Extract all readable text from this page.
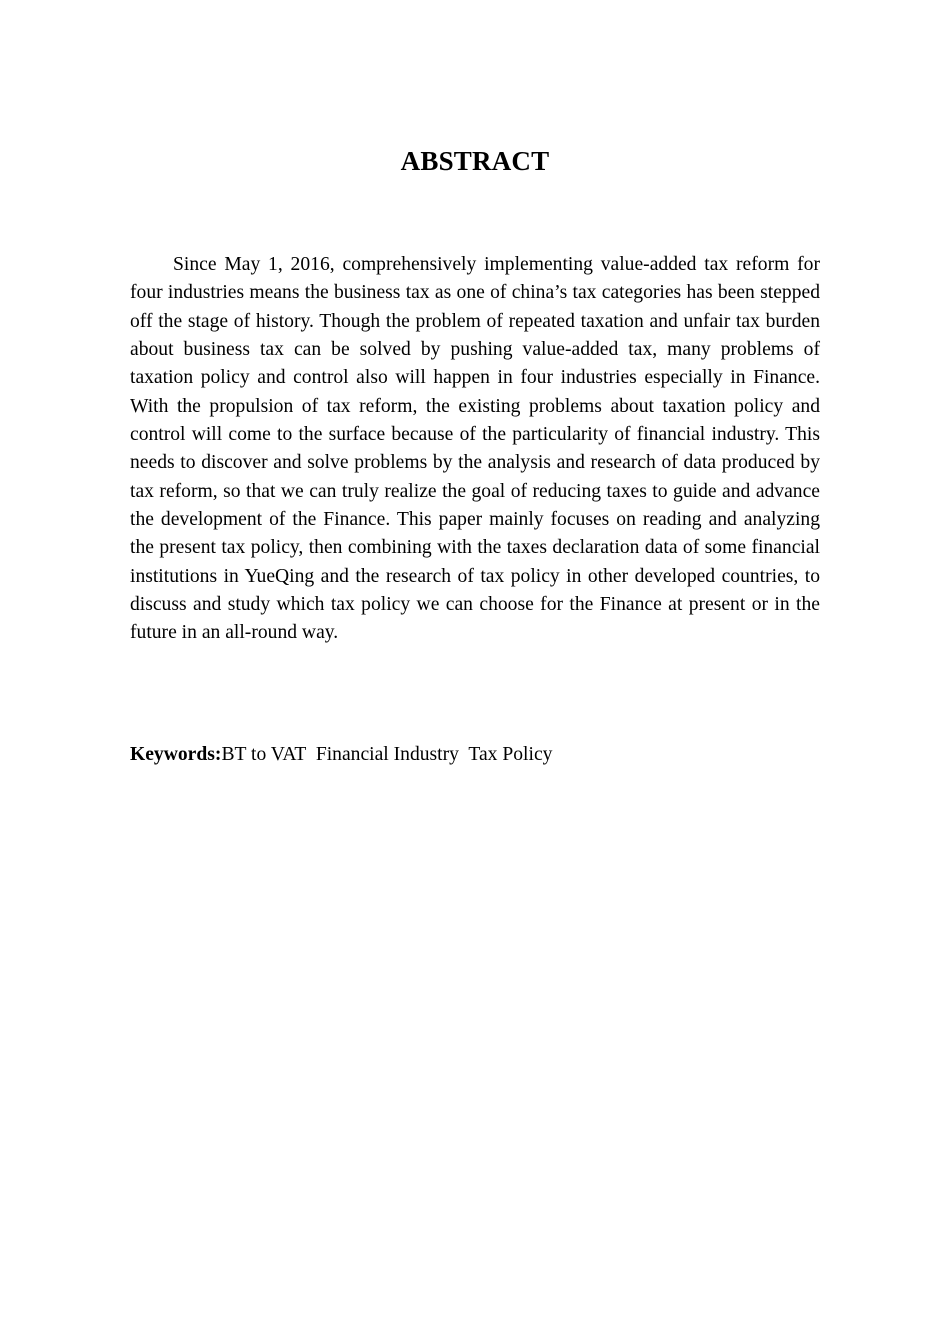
ABSTRACT

Since May 1, 2016, comprehensively implementing value-added tax reform for four industries means the business tax as one of china’s tax categories has been stepped off the stage of history. Though the problem of repeated taxation and unfair tax burden about business tax can be solved by pushing value-added tax, many problems of taxation policy and control also will happen in four industries especially in Finance. With the propulsion of tax reform, the existing problems about taxation policy and control will come to the surface because of the particularity of financial industry. This needs to discover and solve problems by the analysis and research of data produced by tax reform, so that we can truly realize the goal of reducing taxes to guide and advance the development of the Finance. This paper mainly focuses on reading and analyzing the present tax policy, then combining with the taxes declaration data of some financial institutions in YueQing and the research of tax policy in other developed countries, to discuss and study which tax policy we can choose for the Finance at present or in the future in an all-round way.

Keywords:BT to VAT  Financial Industry  Tax Policy
